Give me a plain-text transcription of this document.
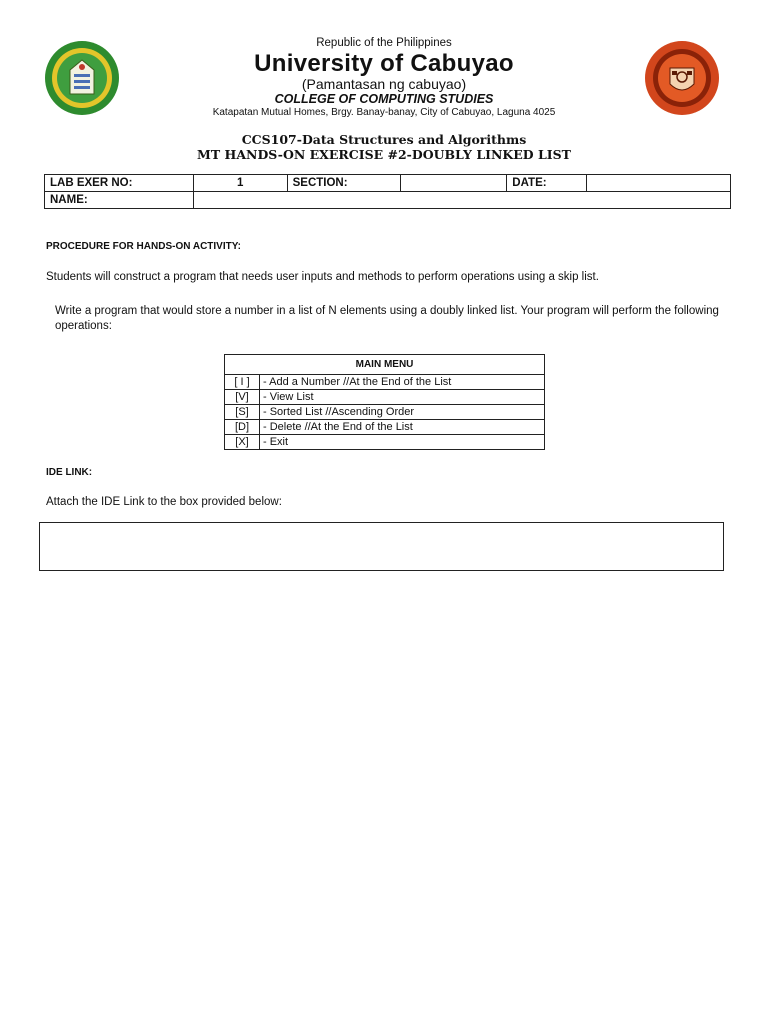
Republic of the Philippines
University of Cabuyao
(Pamantasan ng cabuyao)
COLLEGE OF COMPUTING STUDIES
Katapatan Mutual Homes, Brgy. Banay-banay, City of Cabuyao, Laguna 4025
CCS107-Data Structures and Algorithms
MT HANDS-ON EXERCISE #2-DOUBLY LINKED LIST
LAB EXER NO:	1	SECTION:		DATE:	
NAME:					
PROCEDURE FOR HANDS-ON ACTIVITY:
Students will construct a program that needs user inputs and methods to perform operations using a skip list.
Write a program that would store a number in a list of N elements using a doubly linked list. Your program will perform the following operations:
MAIN MENU	
[ I ]	- Add a Number //At the End of the List
[V]	- View List
[S]	- Sorted List //Ascending Order
[D]	- Delete //At the End of the List
[X]	- Exit
IDE LINK:
Attach the IDE Link to the box provided below:
